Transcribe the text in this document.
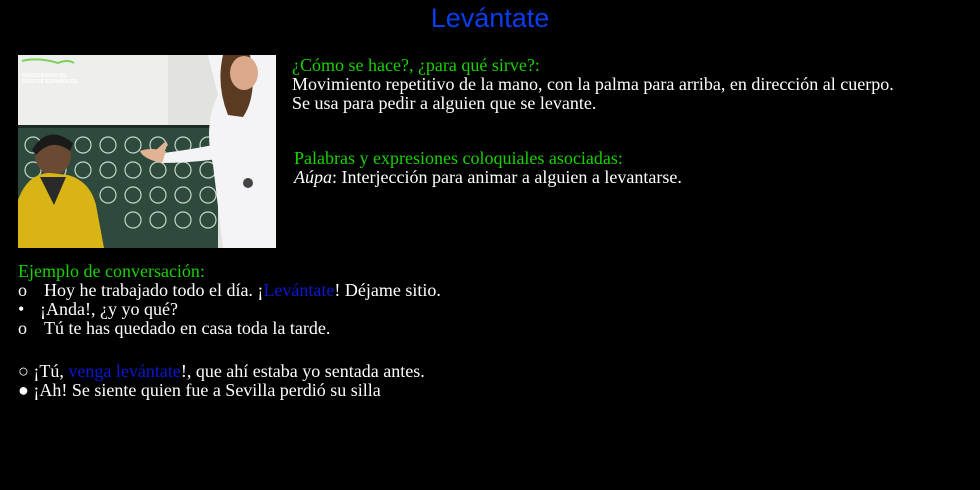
Levántate
DICCIONARIO DE
GESTOS ESPAÑOLES
¿Cómo se hace?, ¿para qué sirve?:
Movimiento repetitivo de la mano, con la palma para arriba, en dirección al cuerpo.
Se usa para pedir a alguien que se levante.
Palabras y expresiones coloquiales asociadas:
Aúpa: Interjección para animar a alguien a levantarse.
Ejemplo de conversación:
o Hoy he trabajado todo el día. ¡Levántate! Déjame sitio.
• ¡Anda!, ¿y yo qué?
o Tú te has quedado en casa toda la tarde.
○ ¡Tú, venga levántate!, que ahí estaba yo sentada antes.
● ¡Ah! Se siente quien fue a Sevilla perdió su silla
